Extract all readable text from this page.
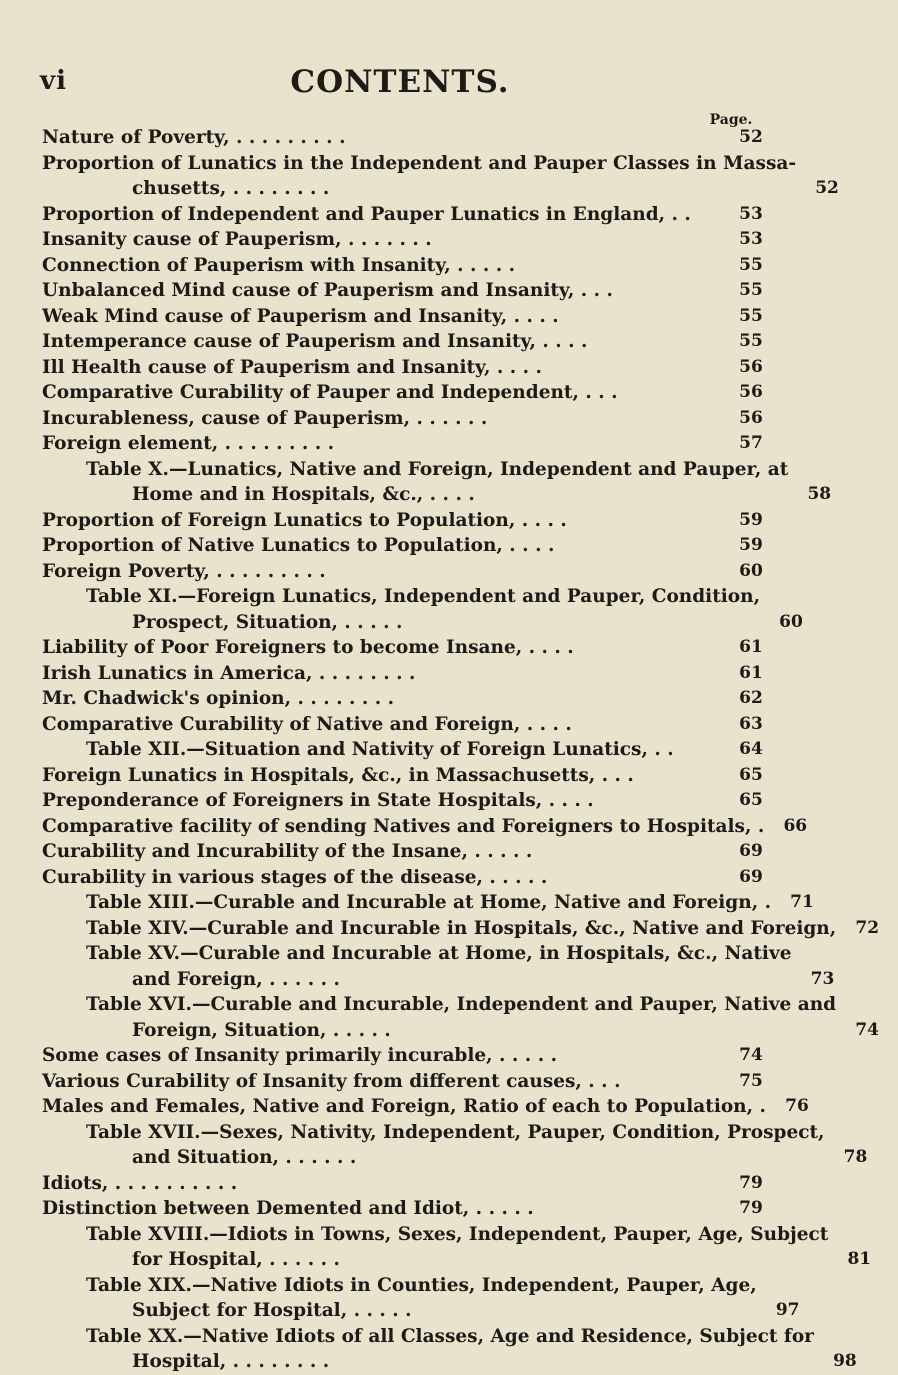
vi	CONTENTS.
Page.
Nature of Poverty, . . . . . . . . .	52
Proportion of Lunatics in the Independent and Pauper Classes in Massa-
chusetts, . . . . . . . .	52
Proportion of Independent and Pauper Lunatics in England, . .	53
Insanity cause of Pauperism, . . . . . . .	53
Connection of Pauperism with Insanity, . . . . .	55
Unbalanced Mind cause of Pauperism and Insanity, . . .	55
Weak Mind cause of Pauperism and Insanity, . . . .	55
Intemperance cause of Pauperism and Insanity, . . . .	55
Ill Health cause of Pauperism and Insanity, . . . .	56
Comparative Curability of Pauper and Independent, . . .	56
Incurableness, cause of Pauperism, . . . . . .	56
Foreign element, . . . . . . . . .	57
Table X.—Lunatics, Native and Foreign, Independent and Pauper, at
Home and in Hospitals, &c., . . . .	58
Proportion of Foreign Lunatics to Population, . . . .	59
Proportion of Native Lunatics to Population, . . . .	59
Foreign Poverty, . . . . . . . . .	60
Table XI.—Foreign Lunatics, Independent and Pauper, Condition,
Prospect, Situation, . . . . .	60
Liability of Poor Foreigners to become Insane, . . . .	61
Irish Lunatics in America, . . . . . . . .	61
Mr. Chadwick's opinion, . . . . . . . .	62
Comparative Curability of Native and Foreign, . . . .	63
Table XII.—Situation and Nativity of Foreign Lunatics, . .	64
Foreign Lunatics in Hospitals, &c., in Massachusetts, . . .	65
Preponderance of Foreigners in State Hospitals, . . . .	65
Comparative facility of sending Natives and Foreigners to Hospitals, .	66
Curability and Incurability of the Insane, . . . . .	69
Curability in various stages of the disease, . . . . .	69
Table XIII.—Curable and Incurable at Home, Native and Foreign, .	71
Table XIV.—Curable and Incurable in Hospitals, &c., Native and Foreign,	72
Table XV.—Curable and Incurable at Home, in Hospitals, &c., Native
and Foreign, . . . . . .	73
Table XVI.—Curable and Incurable, Independent and Pauper, Native and
Foreign, Situation, . . . . .	74
Some cases of Insanity primarily incurable, . . . . .	74
Various Curability of Insanity from different causes, . . .	75
Males and Females, Native and Foreign, Ratio of each to Population, .	76
Table XVII.—Sexes, Nativity, Independent, Pauper, Condition, Prospect,
and Situation, . . . . . .	78
Idiots, . . . . . . . . . .	79
Distinction between Demented and Idiot, . . . . .	79
Table XVIII.—Idiots in Towns, Sexes, Independent, Pauper, Age, Subject
for Hospital, . . . . . .	81
Table XIX.—Native Idiots in Counties, Independent, Pauper, Age,
Subject for Hospital, . . . . .	97
Table XX.—Native Idiots of all Classes, Age and Residence, Subject for
Hospital, . . . . . . . .	98
